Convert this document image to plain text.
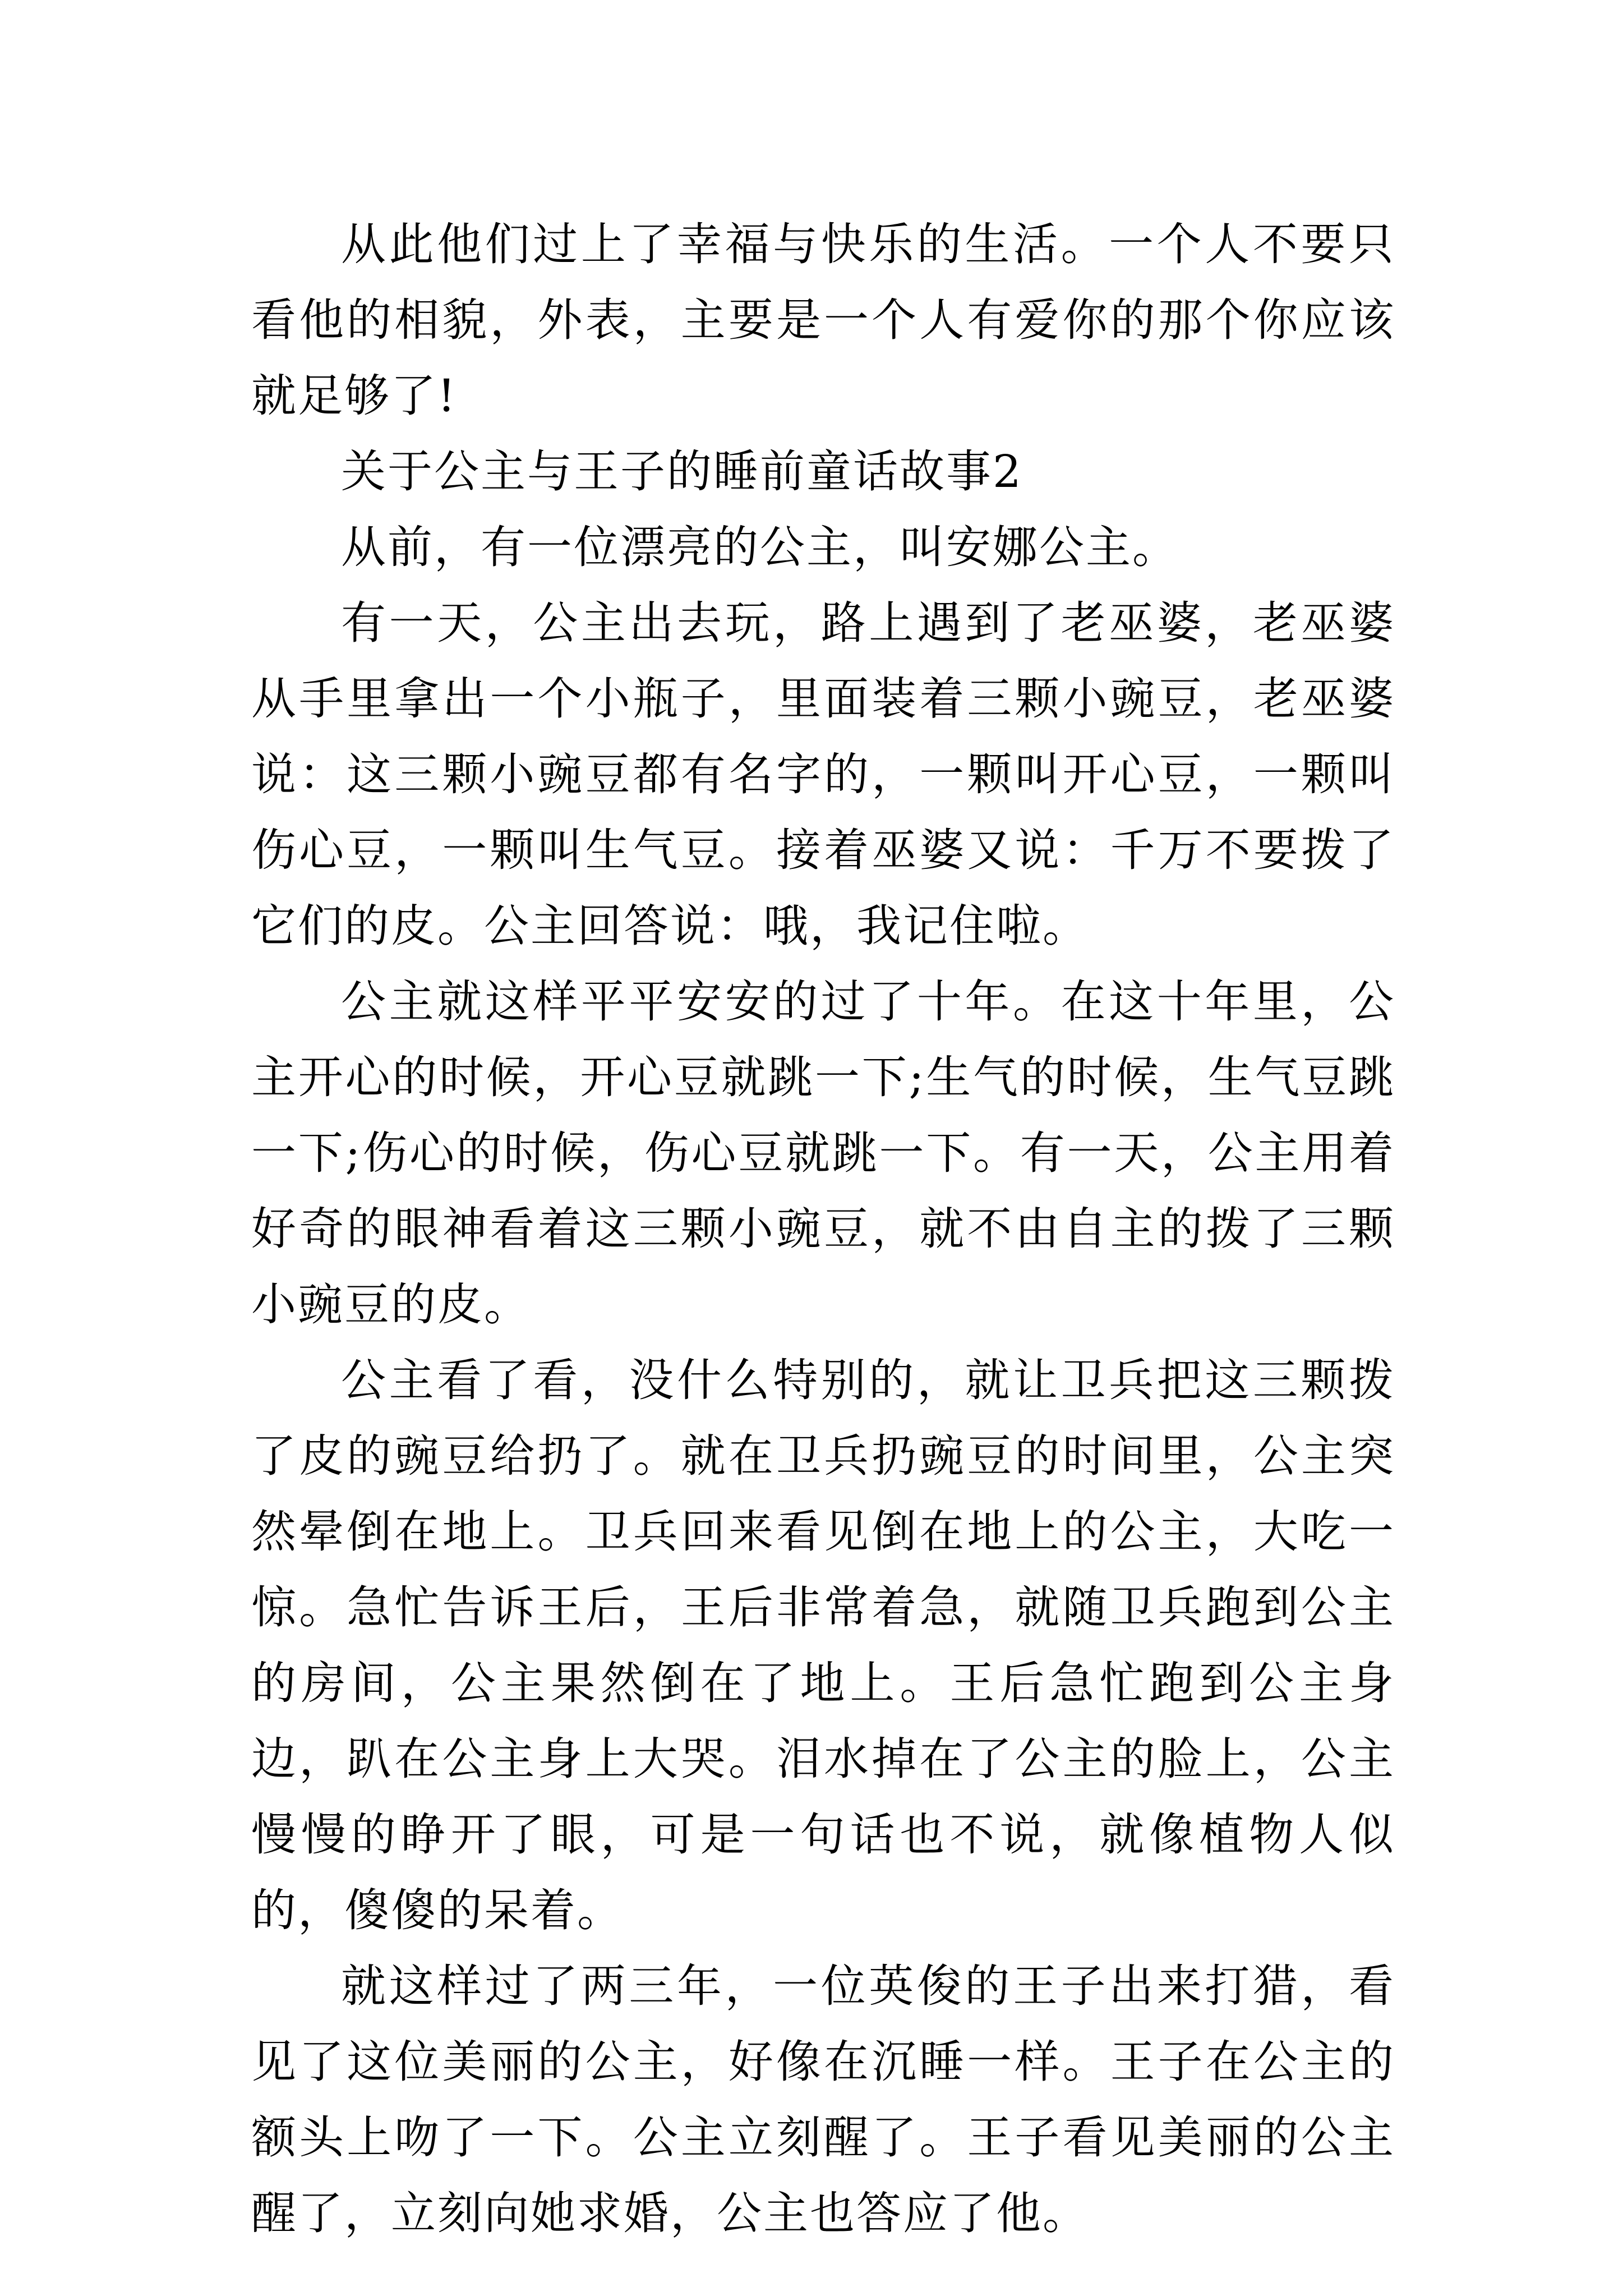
从此他们过上了幸福与快乐的生活。一个人不要只看他的相貌，外表，主要是一个人有爱你的那个你应该就足够了!

关于公主与王子的睡前童话故事2

从前，有一位漂亮的公主，叫安娜公主。

有一天，公主出去玩，路上遇到了老巫婆，老巫婆从手里拿出一个小瓶子，里面装着三颗小豌豆，老巫婆说：这三颗小豌豆都有名字的，一颗叫开心豆，一颗叫伤心豆，一颗叫生气豆。接着巫婆又说：千万不要拨了它们的皮。公主回答说：哦，我记住啦。

公主就这样平平安安的过了十年。在这十年里，公主开心的时候，开心豆就跳一下;生气的时候，生气豆跳一下;伤心的时候，伤心豆就跳一下。有一天，公主用着好奇的眼神看着这三颗小豌豆，就不由自主的拨了三颗小豌豆的皮。

公主看了看，没什么特别的，就让卫兵把这三颗拨了皮的豌豆给扔了。就在卫兵扔豌豆的时间里，公主突然晕倒在地上。卫兵回来看见倒在地上的公主，大吃一惊。急忙告诉王后，王后非常着急，就随卫兵跑到公主的房间，公主果然倒在了地上。王后急忙跑到公主身边，趴在公主身上大哭。泪水掉在了公主的脸上，公主慢慢的睁开了眼，可是一句话也不说，就像植物人似的，傻傻的呆着。

就这样过了两三年，一位英俊的王子出来打猎，看见了这位美丽的公主，好像在沉睡一样。王子在公主的额头上吻了一下。公主立刻醒了。王子看见美丽的公主醒了，立刻向她求婚，公主也答应了他。
